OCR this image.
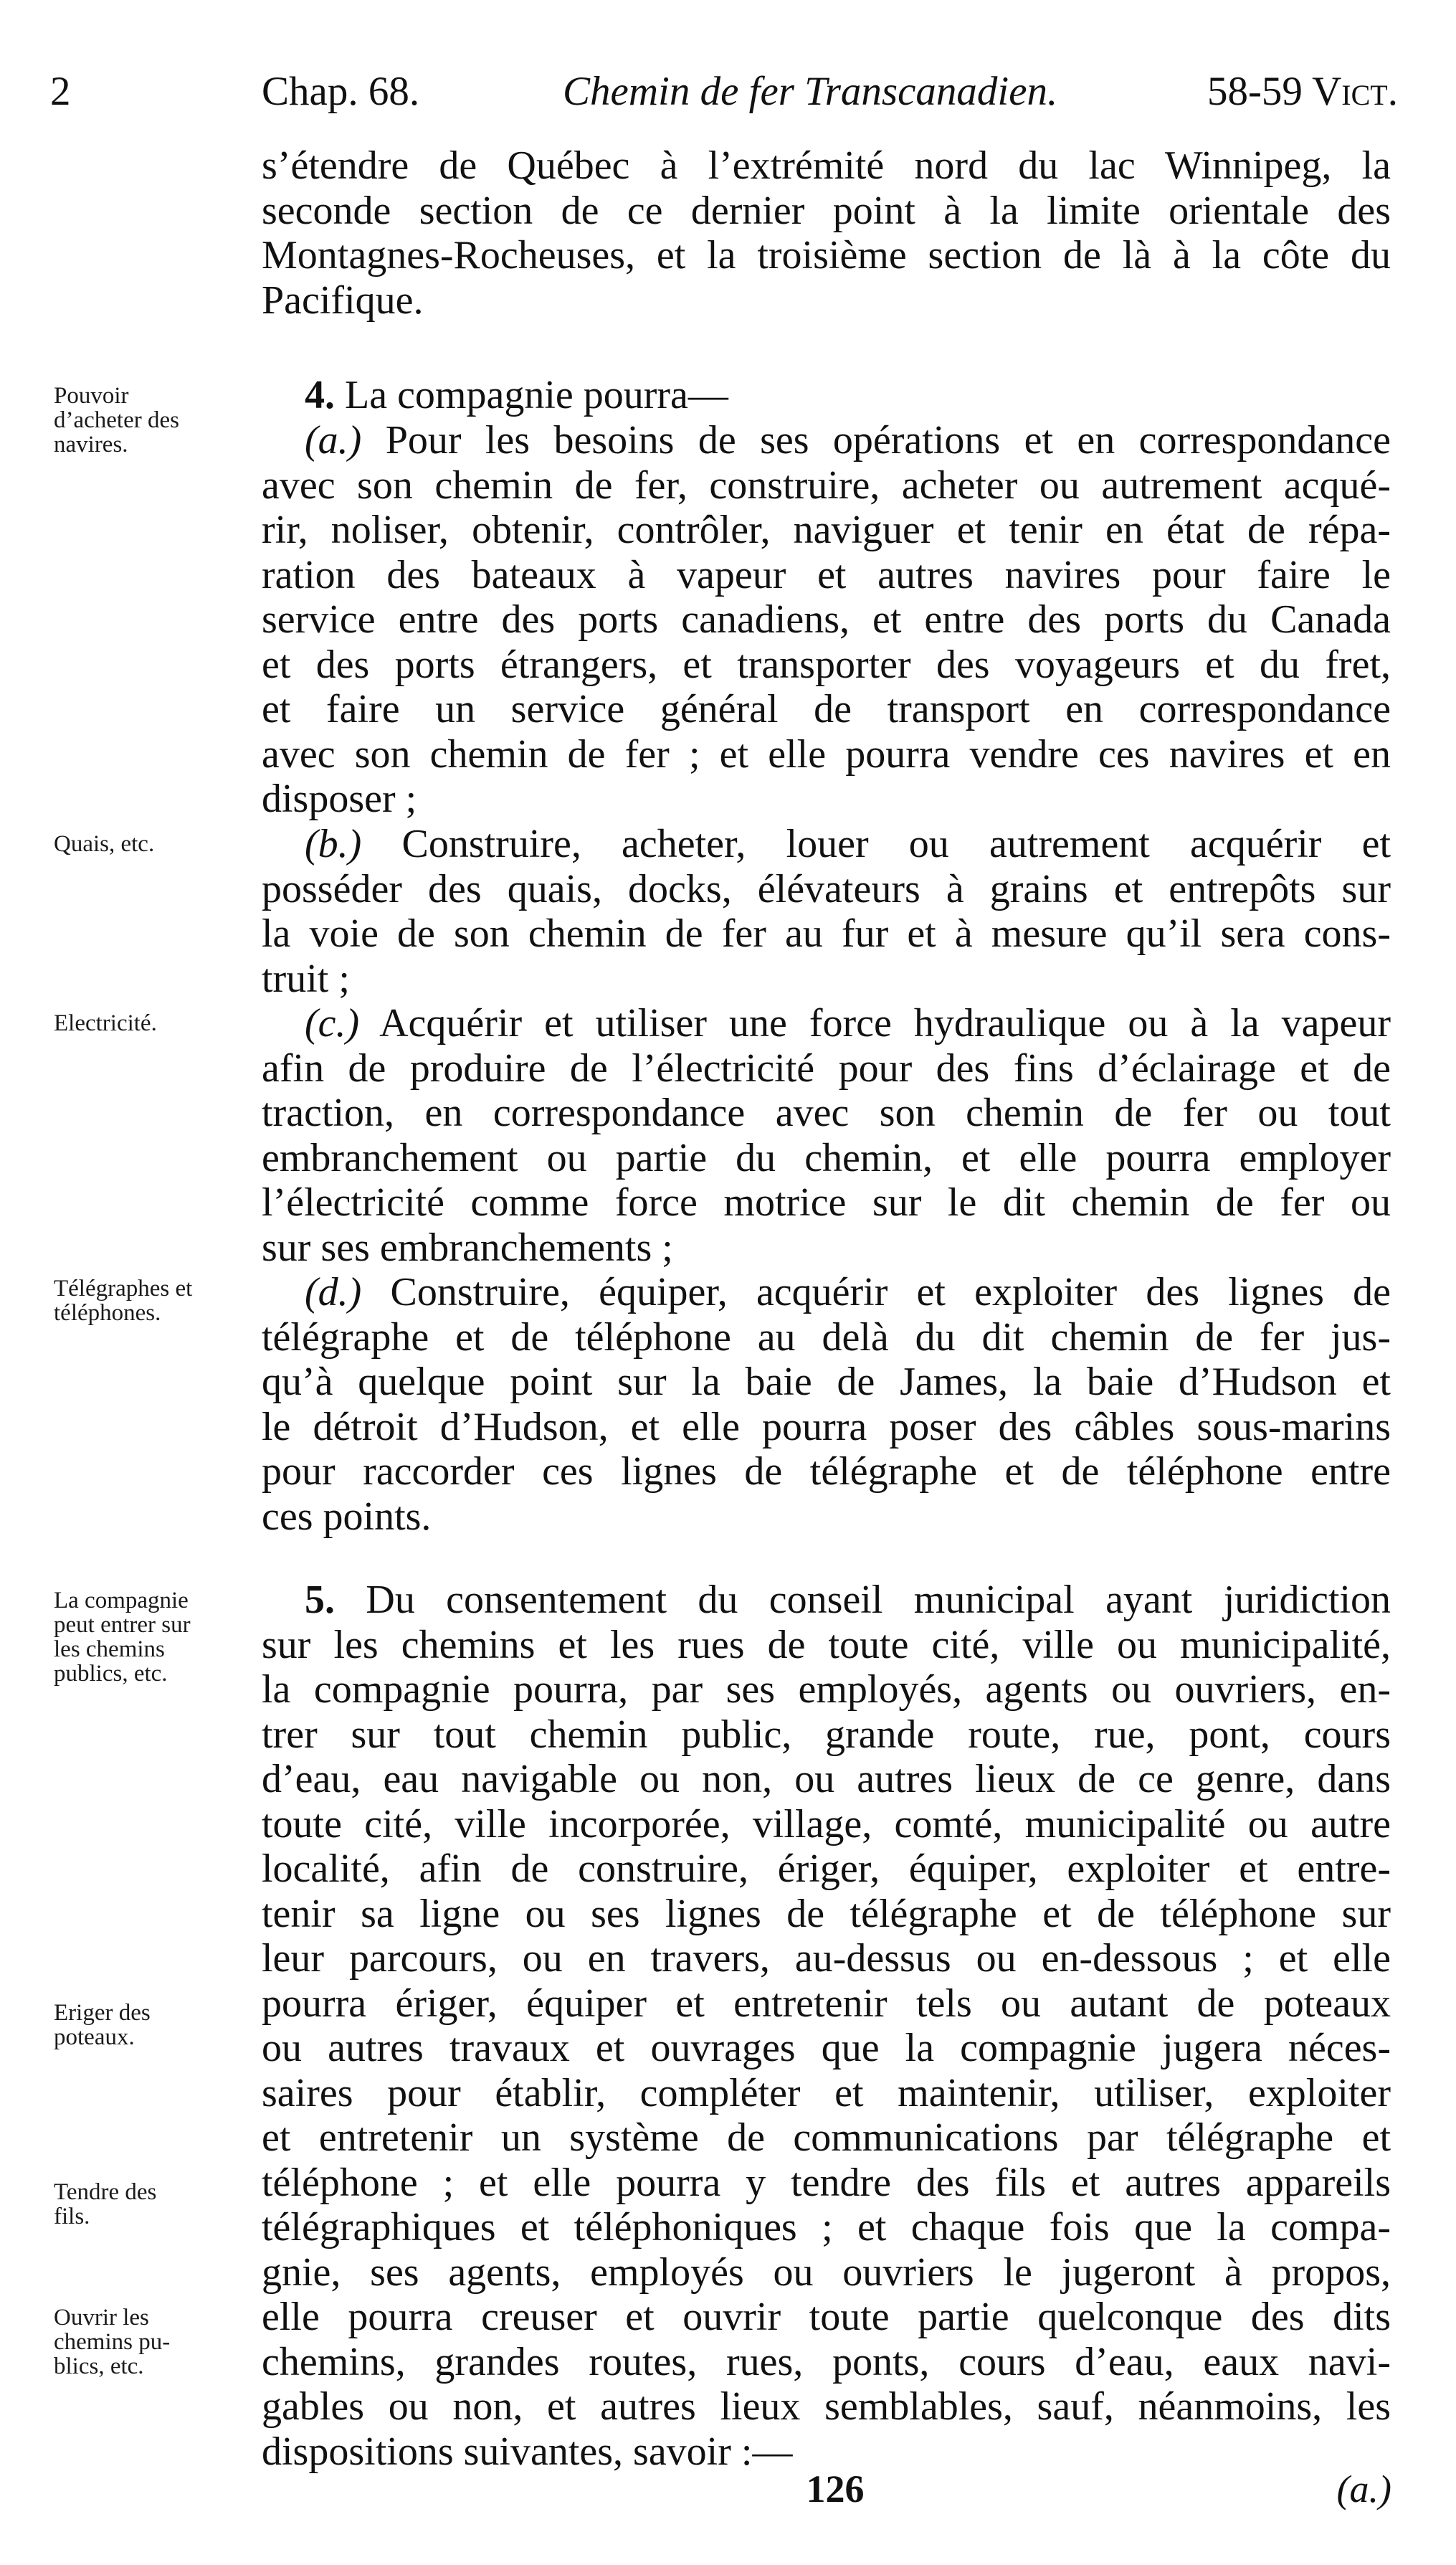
2	Chap. 68.	Chemin de fer Transcanadien.	58-59 Vict.
s’étendre de Québec à l’extrémité nord du lac Winnipeg, la
seconde section de ce dernier point à la limite orientale des
Montagnes-Rocheuses, et la troisième section de là à la côte du
Pacifique.

Pouvoir
d’acheter des
navires.

4. La compagnie pourra—
(a.) Pour les besoins de ses opérations et en correspondance
avec son chemin de fer, construire, acheter ou autrement acqué-
rir, noliser, obtenir, contrôler, naviguer et tenir en état de répa-
ration des bateaux à vapeur et autres navires pour faire le
service entre des ports canadiens, et entre des ports du Canada
et des ports étrangers, et transporter des voyageurs et du fret,
et faire un service général de transport en correspondance
avec son chemin de fer ; et elle pourra vendre ces navires et en
disposer ;

Quais, etc.	(b.) Construire, acheter, louer ou autrement acquérir et
posséder des quais, docks, élévateurs à grains et entrepôts sur
la voie de son chemin de fer au fur et à mesure qu’il sera cons-
truit ;

Electricité.	(c.) Acquérir et utiliser une force hydraulique ou à la vapeur
afin de produire de l’électricité pour des fins d’éclairage et de
traction, en correspondance avec son chemin de fer ou tout
embranchement ou partie du chemin, et elle pourra employer
l’électricité comme force motrice sur le dit chemin de fer ou
sur ses embranchements ;

Télégraphes et
téléphones.	(d.) Construire, équiper, acquérir et exploiter des lignes de
télégraphe et de téléphone au delà du dit chemin de fer jus-
qu’à quelque point sur la baie de James, la baie d’Hudson et
le détroit d’Hudson, et elle pourra poser des câbles sous-marins
pour raccorder ces lignes de télégraphe et de téléphone entre
ces points.

La compagnie
peut entrer sur
les chemins
publics, etc.

Eriger des
poteaux.

Tendre des
fils.

Ouvrir les
chemins pu-
blics, etc.

5. Du consentement du conseil municipal ayant juridiction
sur les chemins et les rues de toute cité, ville ou municipalité,
la compagnie pourra, par ses employés, agents ou ouvriers, en-
trer sur tout chemin public, grande route, rue, pont, cours
d’eau, eau navigable ou non, ou autres lieux de ce genre, dans
toute cité, ville incorporée, village, comté, municipalité ou autre
localité, afin de construire, ériger, équiper, exploiter et entre-
tenir sa ligne ou ses lignes de télégraphe et de téléphone sur
leur parcours, ou en travers, au-dessus ou en-dessous ; et elle
pourra ériger, équiper et entretenir tels ou autant de poteaux
ou autres travaux et ouvrages que la compagnie jugera néces-
saires pour établir, compléter et maintenir, utiliser, exploiter
et entretenir un système de communications par télégraphe et
téléphone ; et elle pourra y tendre des fils et autres appareils
télégraphiques et téléphoniques ; et chaque fois que la compa-
gnie, ses agents, employés ou ouvriers le jugeront à propos,
elle pourra creuser et ouvrir toute partie quelconque des dits
chemins, grandes routes, rues, ponts, cours d’eau, eaux navi-
gables ou non, et autres lieux semblables, sauf, néanmoins, les
dispositions suivantes, savoir :—
126	(a.)
